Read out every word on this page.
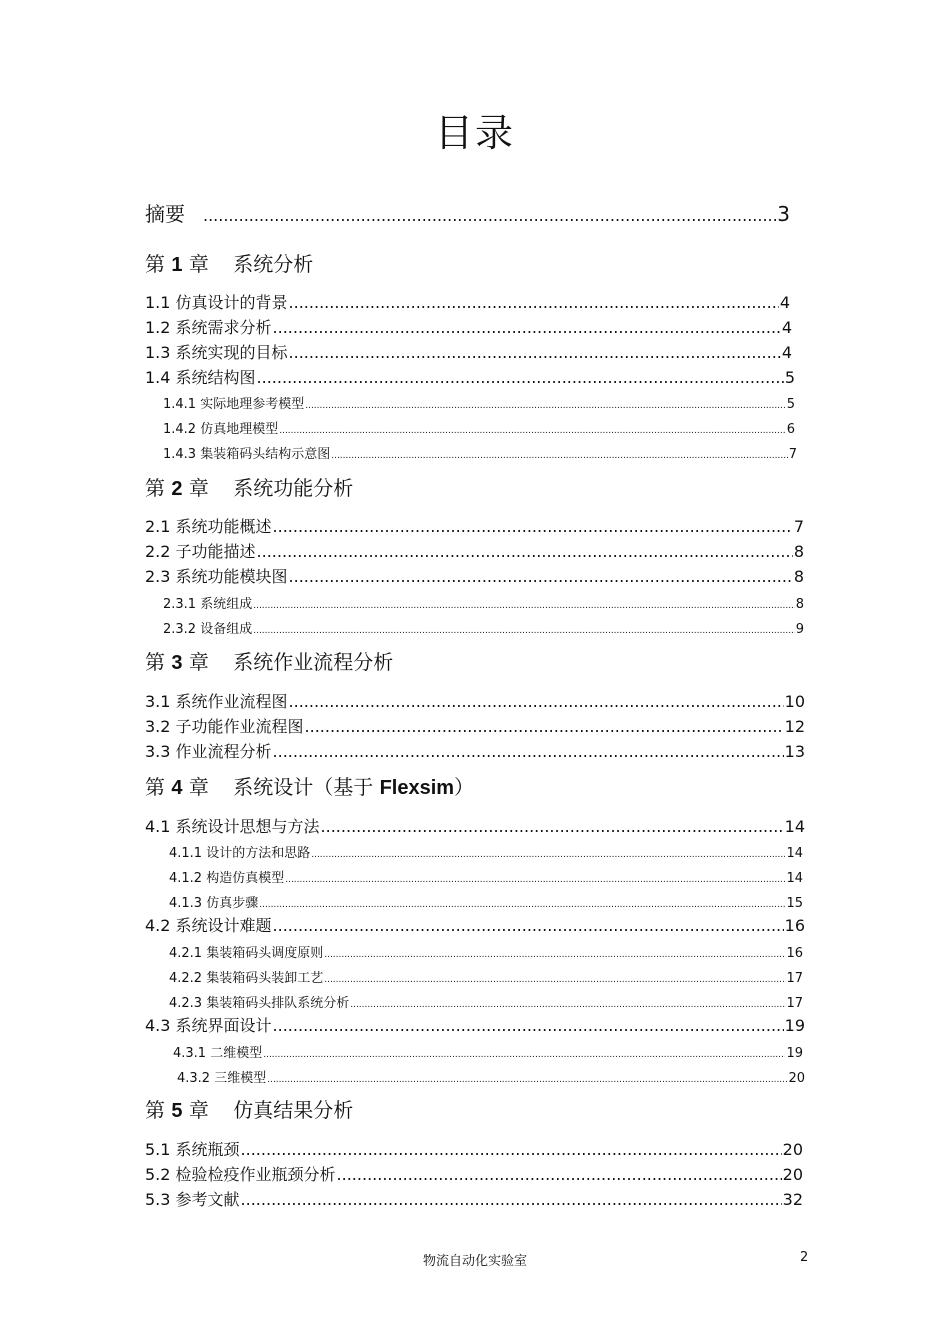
目录
摘要 .....	3
第 1 章 系统分析
第 2 章 系统功能分析
第 3 章 系统作业流程分析
第 4 章 系统设计（基于 Flexsim）
第 5 章 仿真结果分析
1.1 仿真设计的背景 .....	4
1.2 系统需求分析 .....	4
1.3 系统实现的目标 .....	4
1.4 系统结构图 .....	5
1.4.1 实际地理参考模型 .....	5
1.4.2 仿真地理模型 .....	6
1.4.3 集装箱码头结构示意图 .....	7
2.1 系统功能概述 .....	7
2.2 子功能描述 .....	8
2.3 系统功能模块图 .....	8
2.3.1 系统组成 .....	8
2.3.2 设备组成 .....	9
3.1 系统作业流程图 .....	10
3.2 子功能作业流程图 .....	12
3.3 作业流程分析 .....	13
4.1 系统设计思想与方法 .....	14
4.1.1 设计的方法和思路 .....	14
4.1.2 构造仿真模型 .....	14
4.1.3 仿真步骤 .....	15
4.2 系统设计难题 .....	16
4.2.1 集装箱码头调度原则 .....	16
4.2.2 集装箱码头装卸工艺 .....	17
4.2.3 集装箱码头排队系统分析 .....	17
4.3 系统界面设计 .....	19
4.3.1 二维模型 .....	19
4.3.2 三维模型 .....	20
5.1 系统瓶颈 .....	20
5.2 检验检疫作业瓶颈分析 .....	20
5.3 参考文献 .....	32
物流自动化实验室	2
